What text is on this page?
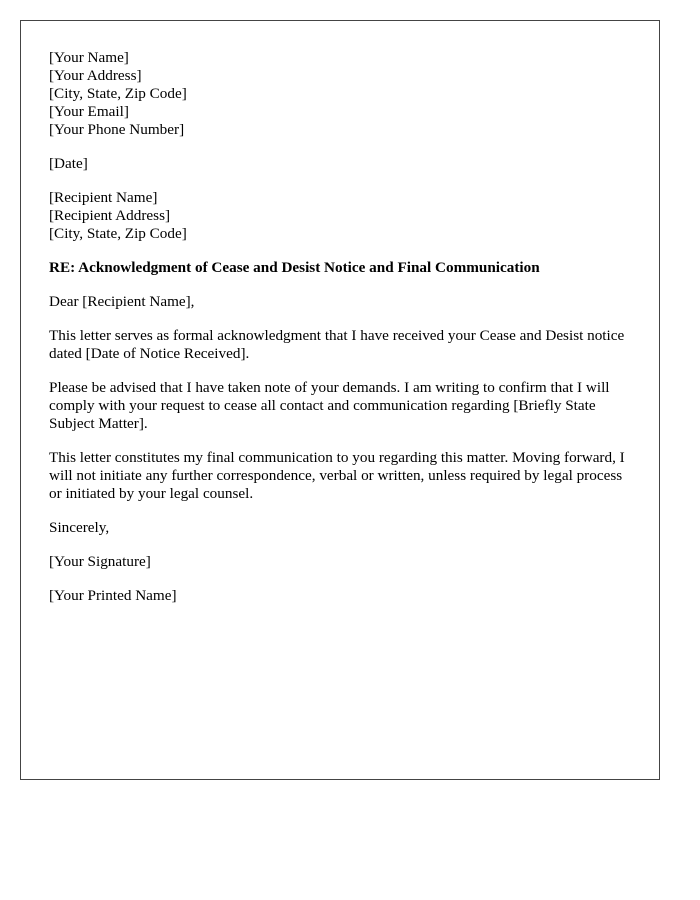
[Your Name]
[Your Address]
[City, State, Zip Code]
[Your Email]
[Your Phone Number]
[Date]
[Recipient Name]
[Recipient Address]
[City, State, Zip Code]
RE: Acknowledgment of Cease and Desist Notice and Final Communication

Dear [Recipient Name],

This letter serves as formal acknowledgment that I have received your Cease and Desist notice dated [Date of Notice Received].

Please be advised that I have taken note of your demands. I am writing to confirm that I will comply with your request to cease all contact and communication regarding [Briefly State Subject Matter].

This letter constitutes my final communication to you regarding this matter. Moving forward, I will not initiate any further correspondence, verbal or written, unless required by legal process or initiated by your legal counsel.

Sincerely,

[Your Signature]

[Your Printed Name]
